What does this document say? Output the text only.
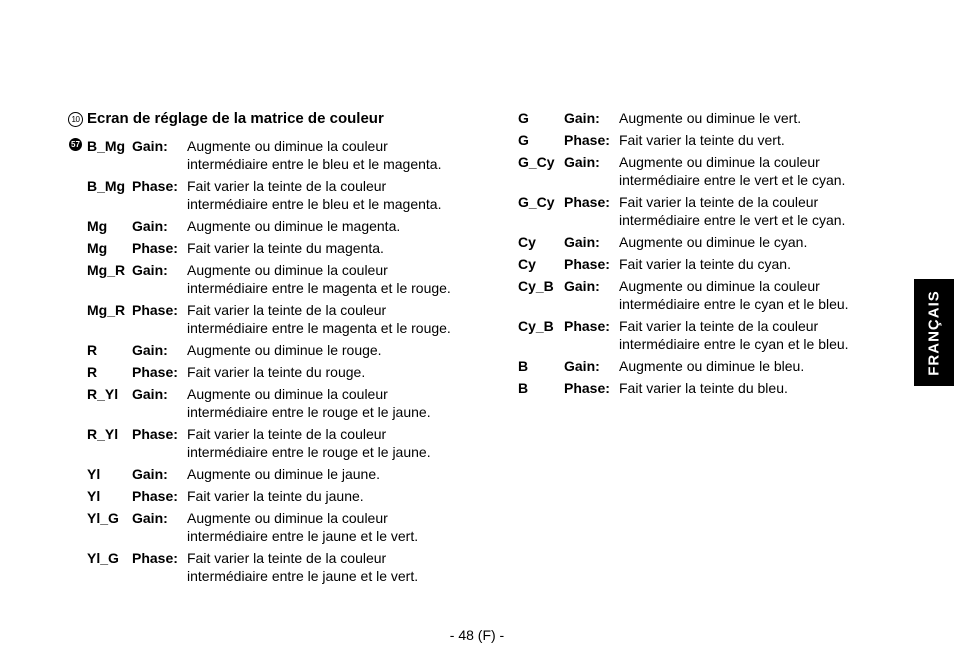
10 Ecran de réglage de la matrice de couleur
57 B_Mg Gain: Augmente ou diminue la couleur
intermédiaire entre le bleu et le magenta.
B_Mg Phase: Fait varier la teinte de la couleur
intermédiaire entre le bleu et le magenta.
Mg Gain: Augmente ou diminue le magenta.
Mg Phase: Fait varier la teinte du magenta.
Mg_R Gain: Augmente ou diminue la couleur
intermédiaire entre le magenta et le rouge.
Mg_R Phase: Fait varier la teinte de la couleur
intermédiaire entre le magenta et le rouge.
R Gain: Augmente ou diminue le rouge.
R Phase: Fait varier la teinte du rouge.
R_Yl Gain: Augmente ou diminue la couleur
intermédiaire entre le rouge et le jaune.
R_Yl Phase: Fait varier la teinte de la couleur
intermédiaire entre le rouge et le jaune.
Yl Gain: Augmente ou diminue le jaune.
Yl Phase: Fait varier la teinte du jaune.
Yl_G Gain: Augmente ou diminue la couleur
intermédiaire entre le jaune et le vert.
Yl_G Phase: Fait varier la teinte de la couleur
intermédiaire entre le jaune et le vert.
G	Gain: Augmente ou diminue le vert.
G	Phase: Fait varier la teinte du vert.
G_Cy Gain: Augmente ou diminue la couleur
intermédiaire entre le vert et le cyan.
G_Cy Phase: Fait varier la teinte de la couleur
intermédiaire entre le vert et le cyan.
Cy Gain: Augmente ou diminue le cyan.
Cy Phase: Fait varier la teinte du cyan.
Cy_B Gain: Augmente ou diminue la couleur
intermédiaire entre le cyan et le bleu.
Cy_B Phase: Fait varier la teinte de la couleur
intermédiaire entre le cyan et le bleu.
B	Gain: Augmente ou diminue le bleu.
B	Phase: Fait varier la teinte du bleu.
FRANÇAIS
- 48 (F) -
